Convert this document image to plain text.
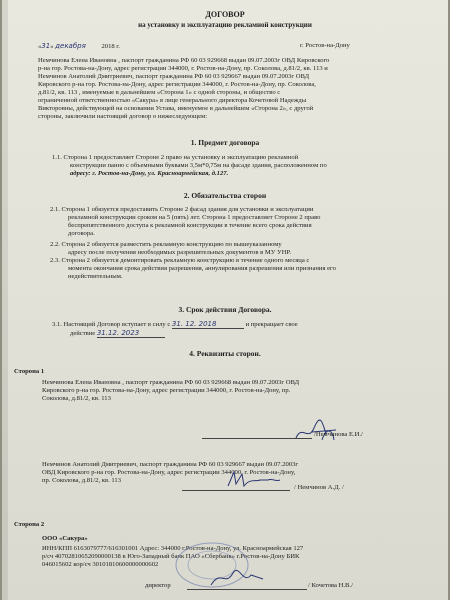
ДОГОВОР
на установку и эксплуатацию рекламной конструкции
«31» декабря 2018 г.	г. Ростов-на-Дону
Немчинова Елена Ивановна , паспорт гражданина РФ 60 03 929668 выдан 09.07.2003г ОВД Кировского
р-на гор. Ростова-на-Дону, адрес регистрации 344000, г. Ростов-на-Дону, пр. Соколова, д.81/2, кв. 113 и
Немчинов Анатолий Дмитриевич, паспорт гражданина РФ 60 03 929667 выдан 09.07.2003г ОВД
Кировского р-на гор. Ростова-на-Дону, адрес регистрации 344000, г. Ростов-на-Дону, пр. Соколова,
д.81/2, кв. 113 , именуемые в дальнейшем «Сторона 1» с одной стороны, и общество с
ограниченной ответственностью «Сакура» в лице генерального директора Кочетовой Надежды
Викторовны, действующей на основании Устава, именуемое в дальнейшем «Сторона 2», с другой
стороны, заключили настоящий договор о нижеследующем:
1. Предмет договора
1.1. Сторона 1 предоставляет Стороне 2 право на установку и эксплуатацию рекламной
конструкции панно с объемными буквами 3,5м*0,75м на фасаде здания, расположенном по
адресу: г. Ростов-на-Дону, ул. Красноармейская, д.127.
2. Обязательства сторон
2.1. Сторона 1 обязуется предоставить Стороне 2 фасад здания для установки и эксплуатации
рекламной конструкции сроком на 5 (пять) лет. Сторона 1 предоставляет Стороне 2 право
беспрепятственного доступа к рекламной конструкции в течение всего срока действия
договора.
2.2. Сторона 2 обязуется разместить рекламную конструкцию по вышеуказанному
адресу после получения необходимых разрешительных документов в МУ УНР.
2.3. Сторона 2 обязуется демонтировать рекламную конструкцию в течение одного месяца с
момента окончания срока действия разрешения, аннулирования разрешения или признания его
недействительным.
3. Срок действия Договора.
3.1. Настоящий Договор вступает в силу с 31. 12. 2018	и прекращает свое
действие 31.12. 2023
4. Реквизиты сторон.
Сторона 1
Немчинова Елена Ивановна , паспорт гражданина РФ 60 03 929668 выдан 09.07.2003г ОВД
Кировского р-на гор. Ростова-на-Дону, адрес регистрации 344000, г. Ростов-на-Дону, пр.
Соколова, д.81/2, кв. 113
/Немчинова Е.И./
Немчинов Анатолий Дмитриевич, паспорт гражданина РФ 60 03 929667 выдан 09.07.2003г
ОВД Кировского р-на гор. Ростова-на-Дону, адрес регистрации 344000, г. Ростов-на-Дону,
пр. Соколова, д.81/2, кв. 113
/ Немчинов А.Д. /
Сторона 2
ООО «Сакура»
ИНН/КПП 6163079777/616301001 Адрес: 344000 г.Ростов-на-Дону, ул. Красноармейская 127
р/сч 40702810652090000138 в Юго-Западный банк ПАО «Сбербанк» г.Ростов-на-Дону БИК
046015602 кор/сч 30101810600000000602
директор	/ Кочетова Н.В./
